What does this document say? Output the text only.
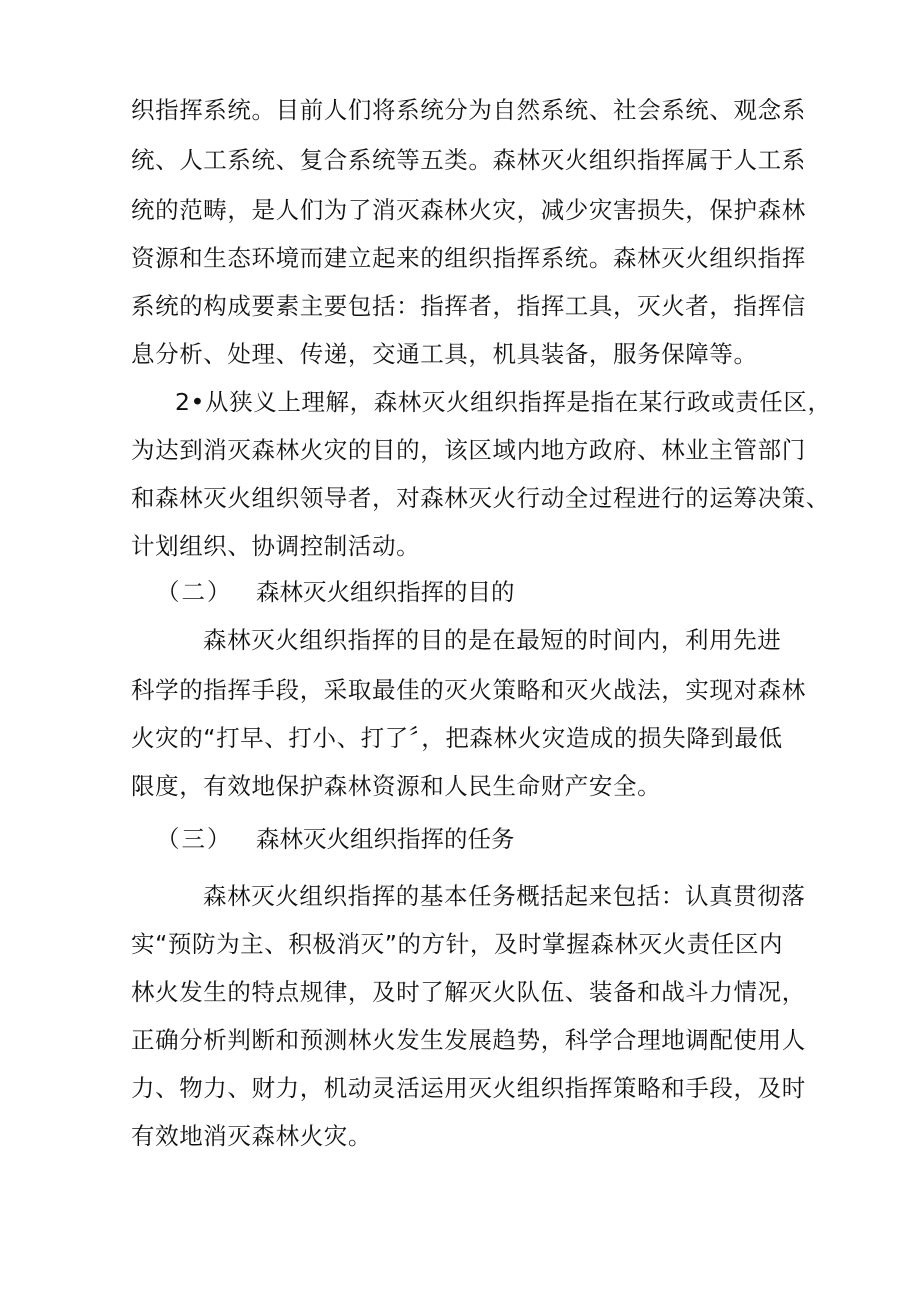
织指挥系统。目前人们将系统分为自然系统、社会系统、观念系
统、人工系统、复合系统等五类。森林灭火组织指挥属于人工系
统的范畴，是人们为了消灭森林火灾，减少灾害损失，保护森林
资源和生态环境而建立起来的组织指挥系统。森林灭火组织指挥
系统的构成要素主要包括：指挥者，指挥工具，灭火者，指挥信
息分析、处理、传递，交通工具，机具装备，服务保障等。
2•从狭义上理解，森林灭火组织指挥是指在某行政或责任区，
为达到消灭森林火灾的目的，该区域内地方政府、林业主管部门
和森林灭火组织领导者，对森林灭火行动全过程进行的运筹决策、
计划组织、协调控制活动。
（二） 森林灭火组织指挥的目的
森林灭火组织指挥的目的是在最短的时间内，利用先进
科学的指挥手段，采取最佳的灭火策略和灭火战法，实现对森林
火灾的“打早、打小、打了〞，把森林火灾造成的损失降到最低
限度，有效地保护森林资源和人民生命财产安全。
（三） 森林灭火组织指挥的任务
森林灭火组织指挥的基本任务概括起来包括：认真贯彻落
实“预防为主、积极消灭”的方针，及时掌握森林灭火责任区内
林火发生的特点规律，及时了解灭火队伍、装备和战斗力情况，
正确分析判断和预测林火发生发展趋势，科学合理地调配使用人
力、物力、财力，机动灵活运用灭火组织指挥策略和手段，及时
有效地消灭森林火灾。
